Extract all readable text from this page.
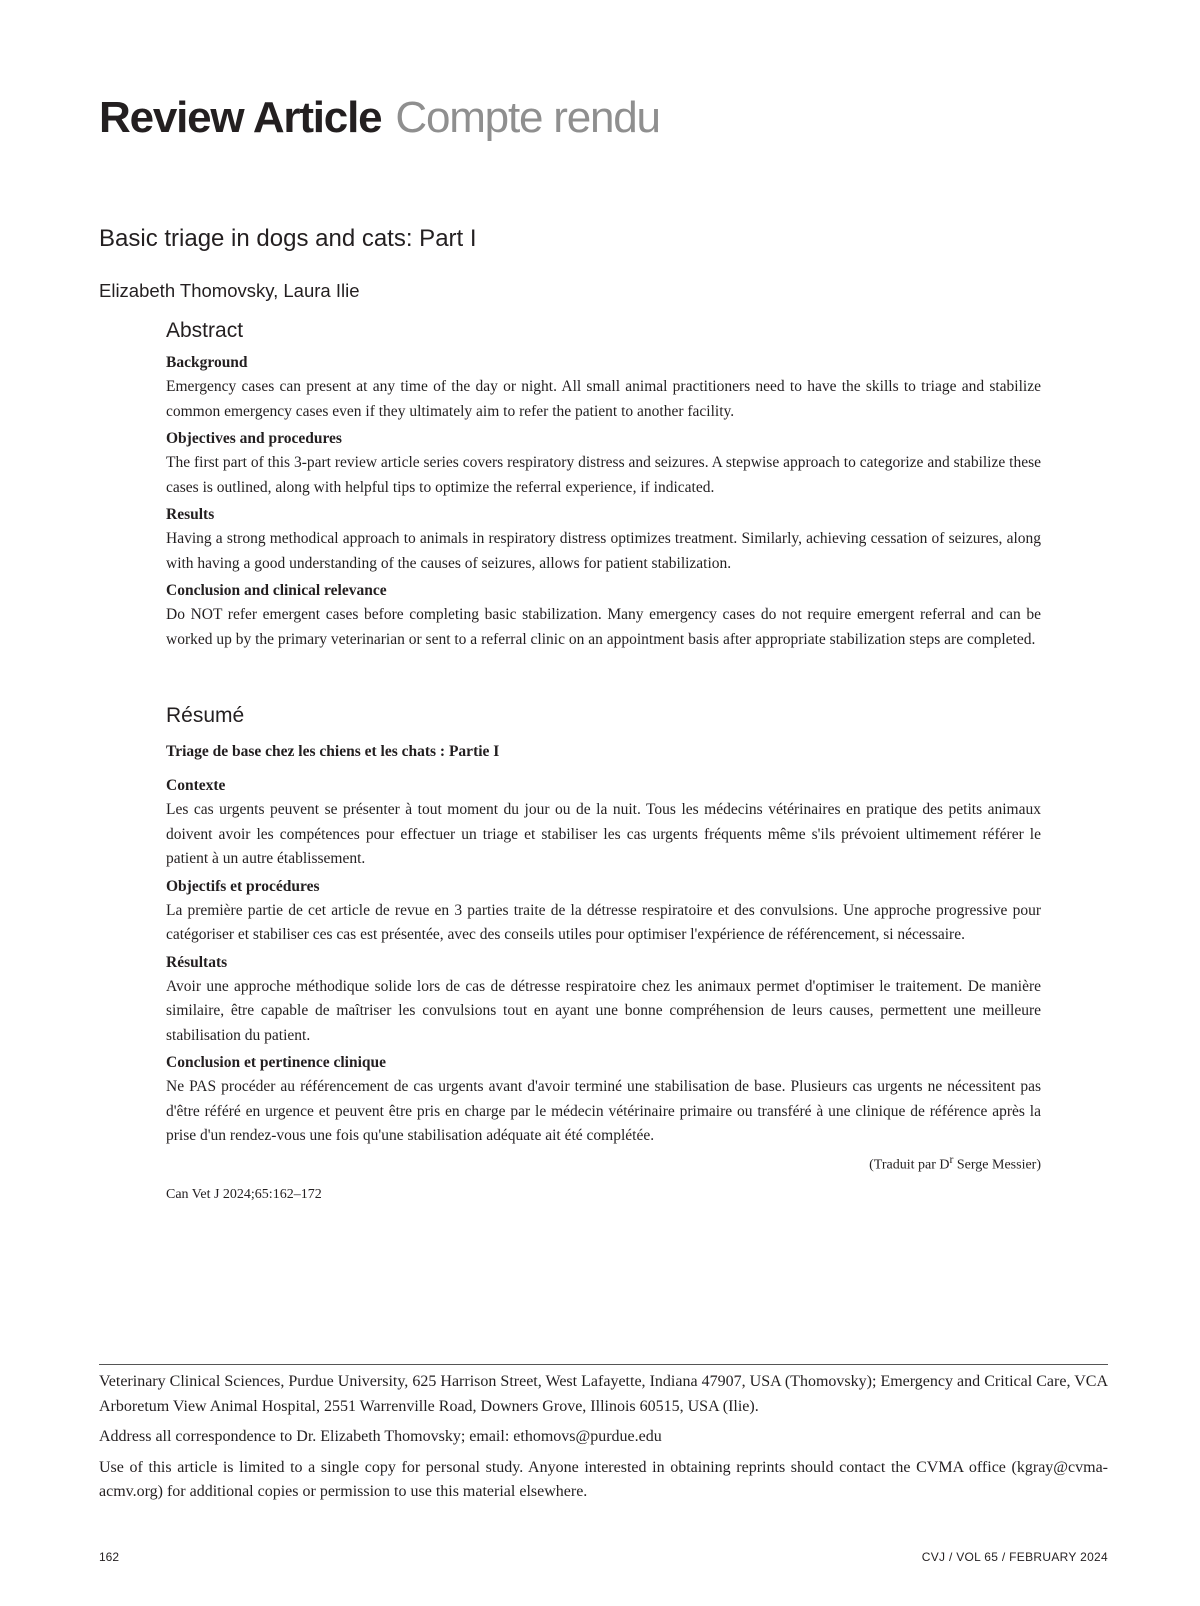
Review Article Compte rendu
Basic triage in dogs and cats: Part I

Elizabeth Thomovsky, Laura Ilie

Abstract
Background

Emergency cases can present at any time of the day or night. All small animal practitioners need to have the skills to triage and stabilize common emergency cases even if they ultimately aim to refer the patient to another facility.

Objectives and procedures

The first part of this 3-part review article series covers respiratory distress and seizures. A stepwise approach to categorize and stabilize these cases is outlined, along with helpful tips to optimize the referral experience, if indicated.

Results

Having a strong methodical approach to animals in respiratory distress optimizes treatment. Similarly, achieving cessation of seizures, along with having a good understanding of the causes of seizures, allows for patient stabilization.

Conclusion and clinical relevance

Do NOT refer emergent cases before completing basic stabilization. Many emergency cases do not require emergent referral and can be worked up by the primary veterinarian or sent to a referral clinic on an appointment basis after appropriate stabilization steps are completed.

Résumé
Triage de base chez les chiens et les chats : Partie I
Contexte

Les cas urgents peuvent se présenter à tout moment du jour ou de la nuit. Tous les médecins vétérinaires en pratique des petits animaux doivent avoir les compétences pour effectuer un triage et stabiliser les cas urgents fréquents même s'ils prévoient ultimement référer le patient à un autre établissement.

Objectifs et procédures

La première partie de cet article de revue en 3 parties traite de la détresse respiratoire et des convulsions. Une approche progressive pour catégoriser et stabiliser ces cas est présentée, avec des conseils utiles pour optimiser l'expérience de référencement, si nécessaire.

Résultats

Avoir une approche méthodique solide lors de cas de détresse respiratoire chez les animaux permet d'optimiser le traitement. De manière similaire, être capable de maîtriser les convulsions tout en ayant une bonne compréhension de leurs causes, permettent une meilleure stabilisation du patient.

Conclusion et pertinence clinique

Ne PAS procéder au référencement de cas urgents avant d'avoir terminé une stabilisation de base. Plusieurs cas urgents ne nécessitent pas d'être référé en urgence et peuvent être pris en charge par le médecin vétérinaire primaire ou transféré à une clinique de référence après la prise d'un rendez-vous une fois qu'une stabilisation adéquate ait été complétée.

(Traduit par $D^r$ Serge Messier)

Can Vet J 2024;65:162–172

Veterinary Clinical Sciences, Purdue University, 625 Harrison Street, West Lafayette, Indiana 47907, USA (Thomovsky); Emergency and Critical Care, VCA Arboretum View Animal Hospital, 2551 Warrenville Road, Downers Grove, Illinois 60515, USA (Ilie).

Address all correspondence to Dr. Elizabeth Thomovsky; email: ethomovs@purdue.edu

Use of this article is limited to a single copy for personal study. Anyone interested in obtaining reprints should contact the CVMA office (kgray@cvma-acmv.org) for additional copies or permission to use this material elsewhere.

162	CVJ / VOL 65 / FEBRUARY 2024
